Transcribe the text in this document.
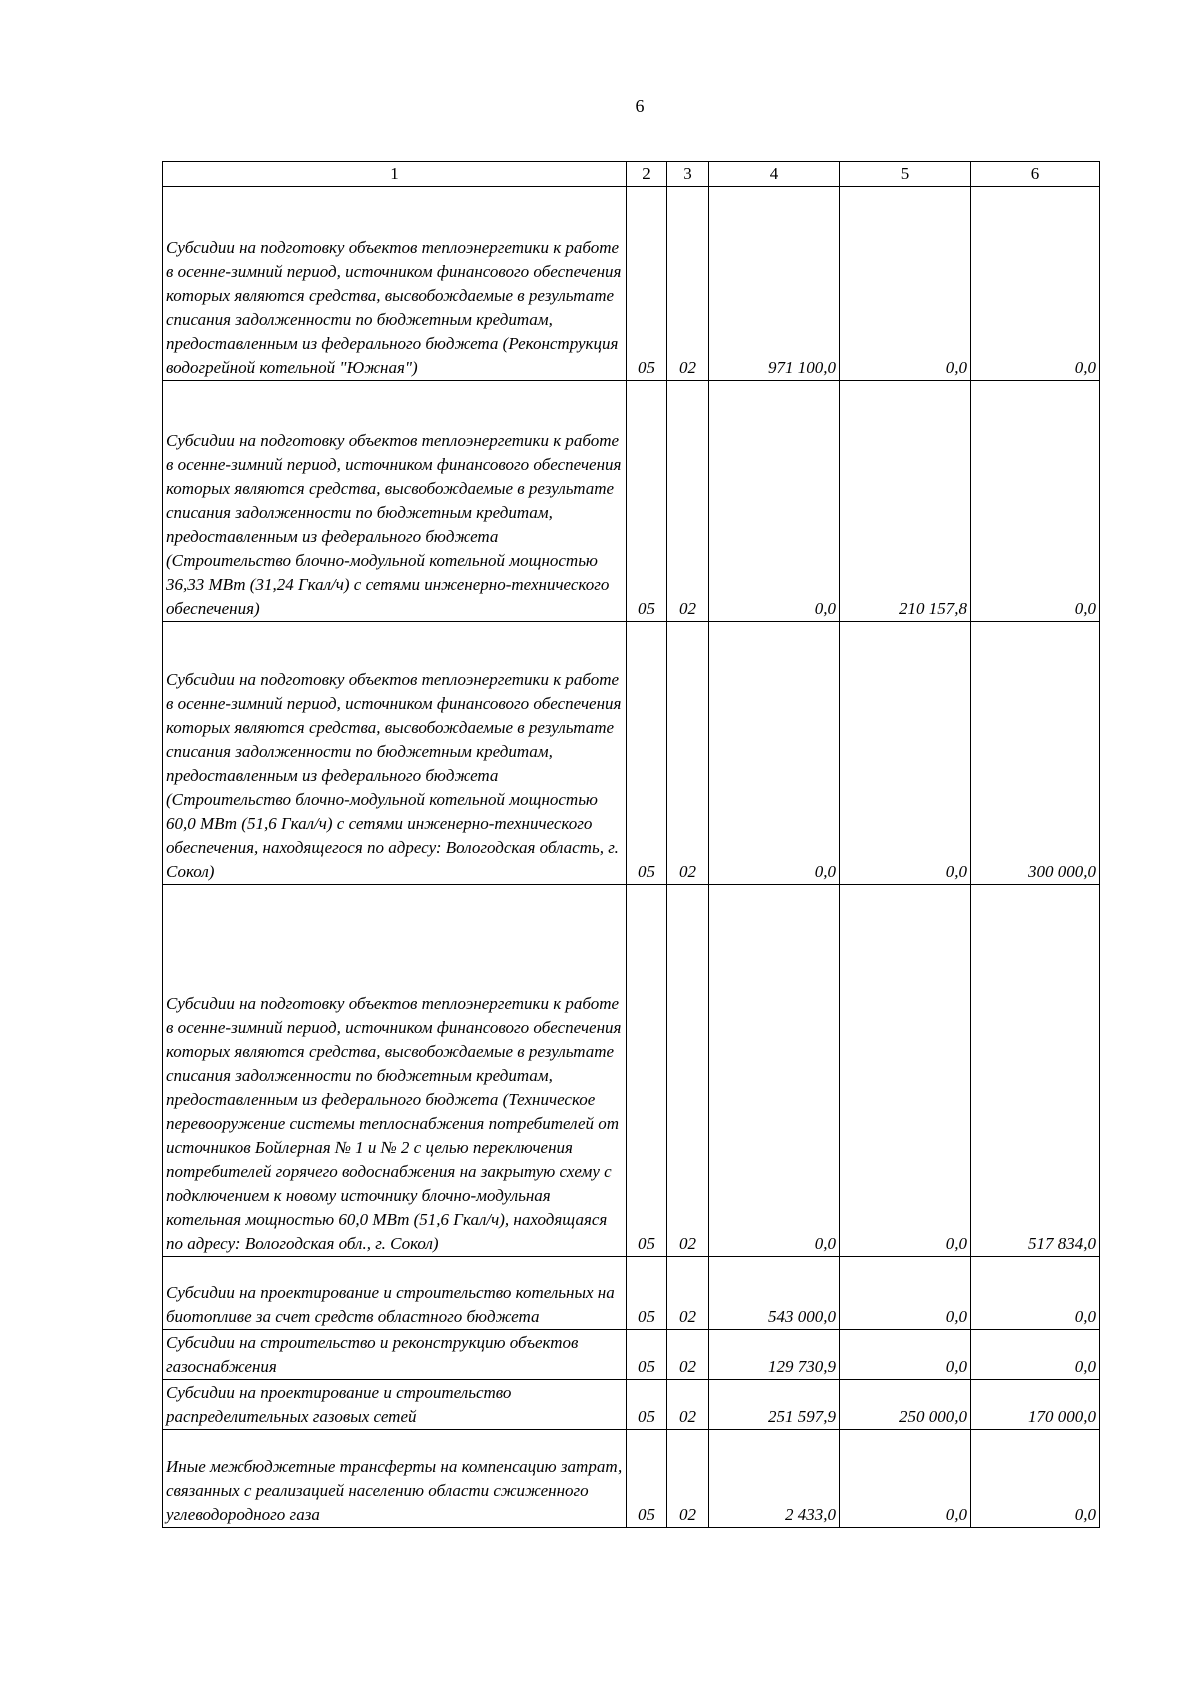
6
1	2	3	4	5	6

Субсидии на подготовку объектов теплоэнергетики к работе в осенне-зимний период, источником финансового обеспечения которых являются средства, высвобождаемые в результате списания задолженности по бюджетным кредитам, предоставленным из федерального бюджета (Реконструкция водогрейной котельной "Южная")	05	02	971 100,0	0,0	0,0

Субсидии на подготовку объектов теплоэнергетики к работе в осенне-зимний период, источником финансового обеспечения которых являются средства, высвобождаемые в результате списания задолженности по бюджетным кредитам, предоставленным из федерального бюджета (Строительство блочно-модульной котельной мощностью 36,33 МВт (31,24 Гкал/ч) с сетями инженерно-технического обеспечения)	05	02	0,0	210 157,8	0,0

Субсидии на подготовку объектов теплоэнергетики к работе в осенне-зимний период, источником финансового обеспечения которых являются средства, высвобождаемые в результате списания задолженности по бюджетным кредитам, предоставленным из федерального бюджета (Строительство блочно-модульной котельной мощностью 60,0 МВт (51,6 Гкал/ч) с сетями инженерно-технического обеспечения, находящегося по адресу: Вологодская область, г. Сокол)	05	02	0,0	0,0	300 000,0

Субсидии на подготовку объектов теплоэнергетики к работе в осенне-зимний период, источником финансового обеспечения которых являются средства, высвобождаемые в результате списания задолженности по бюджетным кредитам, предоставленным из федерального бюджета (Техническое перевооружение системы теплоснабжения потребителей от источников Бойлерная № 1 и № 2 с целью переключения потребителей горячего водоснабжения на закрытую схему с подключением к новому источнику блочно-модульная котельная мощностью 60,0 МВт (51,6 Гкал/ч), находящаяся по адресу: Вологодская обл., г. Сокол)	05	02	0,0	0,0	517 834,0
Субсидии на проектирование и строительство котельных на биотопливе за счет средств областного бюджета	05	02	543 000,0	0,0	0,0
Субсидии на строительство и реконструкцию объектов газоснабжения	05	02	129 730,9	0,0	0,0
Субсидии на проектирование и строительство распределительных газовых сетей	05	02	251 597,9	250 000,0	170 000,0

Иные межбюджетные трансферты на компенсацию затрат, связанных с реализацией населению области сжиженного углеводородного газа	05	02	2 433,0	0,0	0,0
